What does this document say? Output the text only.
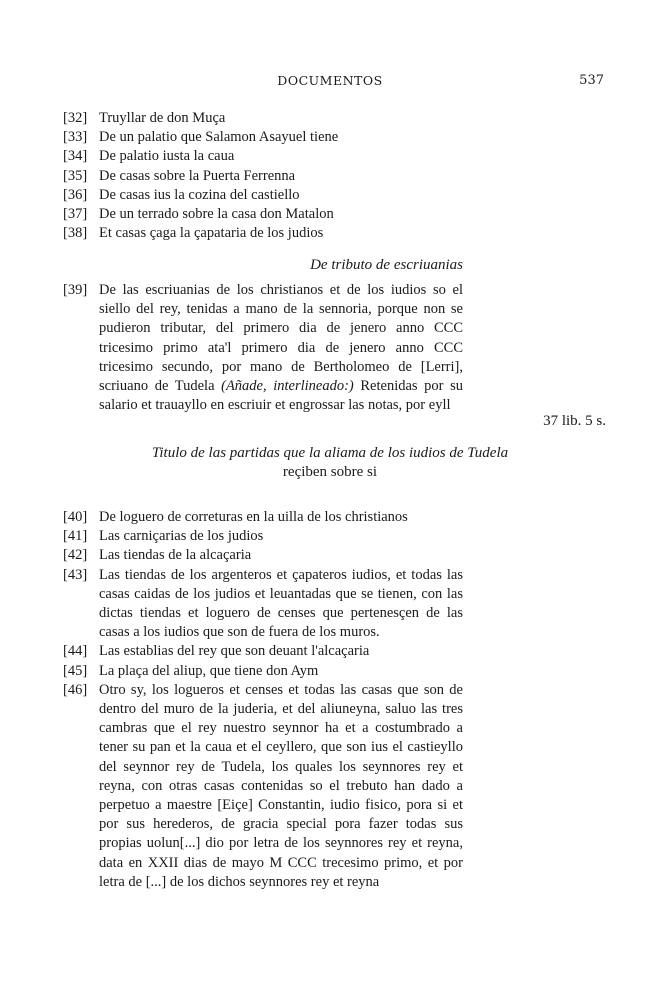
DOCUMENTOS	537
[32] Truyllar de don Muça
[33] De un palatio que Salamon Asayuel tiene
[34] De palatio iusta la caua
[35] De casas sobre la Puerta Ferrenna
[36] De casas ius la cozina del castiello
[37] De un terrado sobre la casa don Matalon
[38] Et casas çaga la çapataria de los judios
De tributo de escriuanias
[39] De las escriuanias de los christianos et de los iudios so el siello del rey, tenidas a mano de la sennoria, porque non se pudieron tributar, del primero dia de jenero anno CCC tricesimo primo ata'l primero dia de jenero anno CCC tricesimo secundo, por mano de Bertholomeo de [Lerri], scriuano de Tudela (Añade, interlineado:) Retenidas por su salario et trauayllo en escriuir et engrossar las notas, por eyll
37 lib. 5 s.
Titulo de las partidas que la aliama de los iudios de Tudela
reçiben sobre si
[40] De loguero de correturas en la uilla de los christianos
[41] Las carniçarias de los judios
[42] Las tiendas de la alcaçaria
[43] Las tiendas de los argenteros et çapateros iudios, et todas las casas caidas de los judios et leuantadas que se tienen, con las dictas tiendas et loguero de censes que pertenesçen de las casas a los iudios que son de fuera de los muros.
[44] Las establias del rey que son deuant l'alcaçaria
[45] La plaça del aliup, que tiene don Aym
[46] Otro sy, los logueros et censes et todas las casas que son de dentro del muro de la juderia, et del aliuneyna, saluo las tres cambras que el rey nuestro seynnor ha et a costumbrado a tener su pan et la caua et el ceyllero, que son ius el castieyllo del seynnor rey de Tudela, los quales los seynnores rey et reyna, con otras casas contenidas so el trebuto han dado a perpetuo a maestre [Eiçe] Constantin, iudio fisico, pora si et por sus herederos, de gracia special pora fazer todas sus propias uolun[...] dio por letra de los seynnores rey et reyna, data en XXII dias de mayo M CCC trecesimo primo, et por letra de [...] de los dichos seynnores rey et reyna
